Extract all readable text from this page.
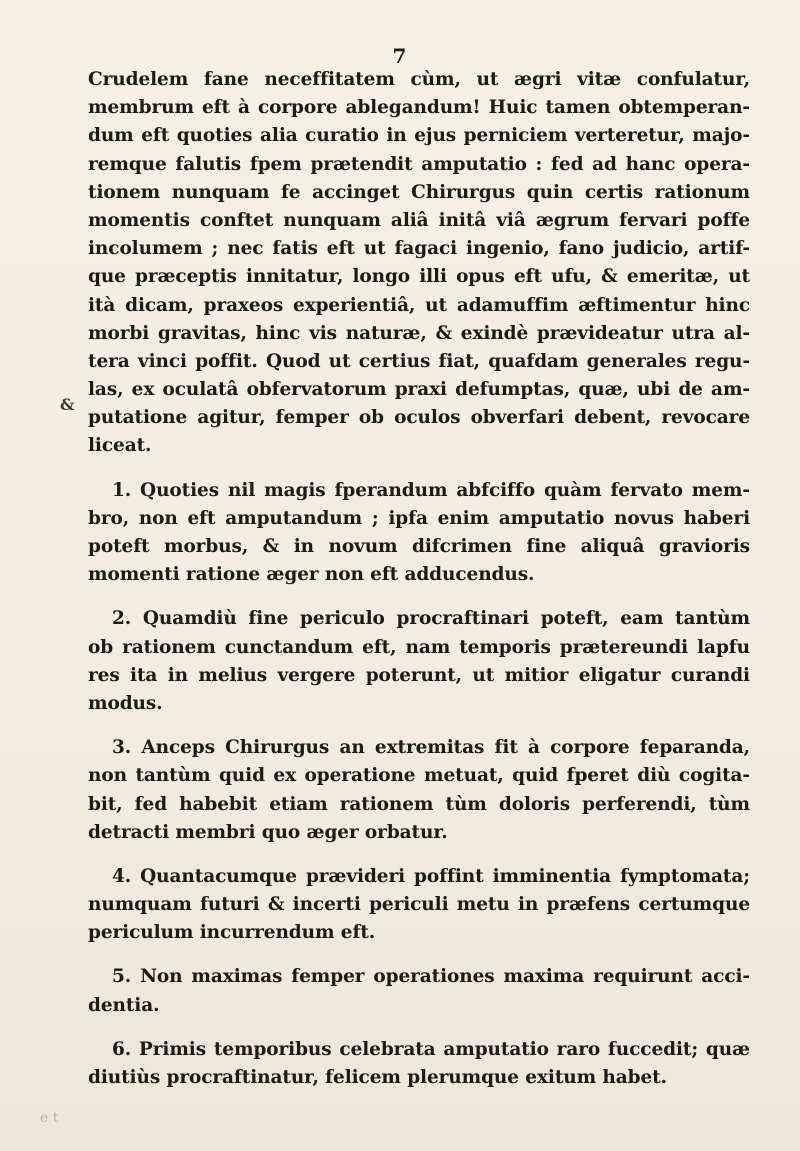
7
&
Crudelem fane neceffitatem cùm, ut ægri vitæ confulatur,
membrum eft à corpore ablegandum! Huic tamen obtemperan-
dum eft quoties alia curatio in ejus perniciem verteretur, majo-
remque falutis fpem prætendit amputatio : fed ad hanc opera-
tionem nunquam fe accinget Chirurgus quin certis rationum
momentis conftet nunquam aliâ initâ viâ ægrum fervari poffe
incolumem ; nec fatis eft ut fagaci ingenio, fano judicio, artif-
que præceptis innitatur, longo illi opus eft ufu, & emeritæ, ut
ità dicam, praxeos experientiâ, ut adamuffim æftimentur hinc
morbi gravitas, hinc vis naturæ, & exindè prævideatur utra al-
tera vinci poffit. Quod ut certius fiat, quafdam generales regu-
las, ex oculatâ obfervatorum praxi defumptas, quæ, ubi de am-
putatione agitur, femper ob oculos obverfari debent, revocare
liceat.
1. Quoties nil magis fperandum abfciffo quàm fervato mem-
bro, non eft amputandum ; ipfa enim amputatio novus haberi
poteft morbus, & in novum difcrimen fine aliquâ gravioris
momenti ratione æger non eft adducendus.
2. Quamdiù fine periculo procraftinari poteft, eam tantùm
ob rationem cunctandum eft, nam temporis prætereundi lapfu
res ita in melius vergere poterunt, ut mitior eligatur curandi
modus.
3. Anceps Chirurgus an extremitas fit à corpore feparanda,
non tantùm quid ex operatione metuat, quid fperet diù cogita-
bit, fed habebit etiam rationem tùm doloris perferendi, tùm
detracti membri quo æger orbatur.
4. Quantacumque prævideri poffint imminentia fymptomata;
numquam futuri & incerti periculi metu in præfens certumque
periculum incurrendum eft.
5. Non maximas femper operationes maxima requirunt acci-
dentia.
6. Primis temporibus celebrata amputatio raro fuccedit; quæ
diutiùs procraftinatur, felicem plerumque exitum habet.
e t
